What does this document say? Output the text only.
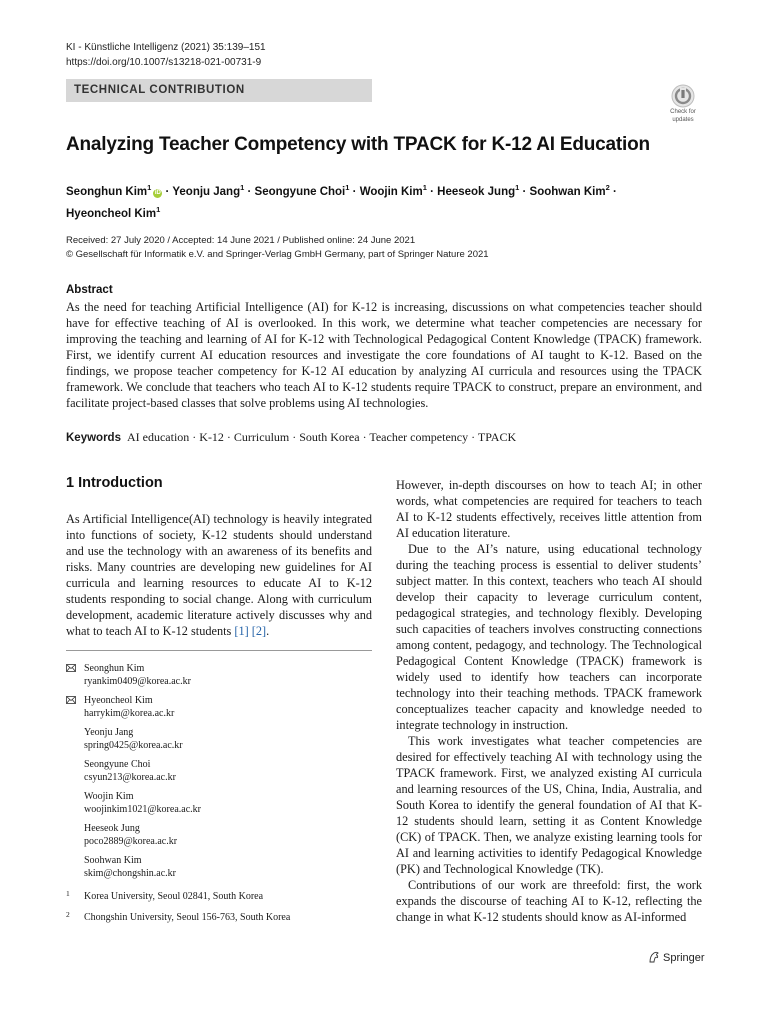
KI - Künstliche Intelligenz (2021) 35:139–151
https://doi.org/10.1007/s13218-021-00731-9
TECHNICAL CONTRIBUTION
Check for
updates
Analyzing Teacher Competency with TPACK for K-12 AI Education
Seonghun Kim$^1$iD · Yeonju Jang$^1$ · Seongyune Choi$^1$ · Woojin Kim$^1$ · Heeseok Jung$^1$ · Soohwan Kim$^2$ ·
Hyeoncheol Kim$^1$
Received: 27 July 2020 / Accepted: 14 June 2021 / Published online: 24 June 2021
© Gesellschaft für Informatik e.V. and Springer-Verlag GmbH Germany, part of Springer Nature 2021
Abstract
As the need for teaching Artificial Intelligence (AI) for K-12 is increasing, discussions on what competencies teacher should have for effective teaching of AI is overlooked. In this work, we determine what teacher competencies are necessary for improving the teaching and learning of AI for K-12 with Technological Pedagogical Content Knowledge (TPACK) framework. First, we identify current AI education resources and investigate the core foundations of AI taught to K-12. Based on the findings, we propose teacher competency for K-12 AI education by analyzing AI curricula and resources using the TPACK framework. We conclude that teachers who teach AI to K-12 students require TPACK to construct, prepare an environment, and facilitate project-based classes that solve problems using AI technologies.
Keywords AI education · K-12 · Curriculum · South Korea · Teacher competency · TPACK
1 Introduction

As Artificial Intelligence(AI) technology is heavily integrated into functions of society, K-12 students should understand and use the technology with an awareness of its benefits and risks. Many countries are developing new guidelines for AI curricula and learning resources to educate AI to K-12 students responding to social change. Along with curriculum development, academic literature actively discusses why and what to teach AI to K-12 students [1] [2].

Seonghun Kim
ryankim0409@korea.ac.kr
Hyeoncheol Kim
harrykim@korea.ac.kr
Yeonju Jang
spring0425@korea.ac.kr
Seongyune Choi
csyun213@korea.ac.kr
Woojin Kim
woojinkim1021@korea.ac.kr
Heeseok Jung
poco2889@korea.ac.kr
Soohwan Kim
skim@chongshin.ac.kr
1 Korea University, Seoul 02841, South Korea
2 Chongshin University, Seoul 156-763, South Korea

However, in-depth discourses on how to teach AI; in other words, what competencies are required for teachers to teach AI to K-12 students effectively, receives little attention from AI education literature.

Due to the AI’s nature, using educational technology during the teaching process is essential to deliver students’ subject matter. In this context, teachers who teach AI should develop their capacity to leverage curriculum content, pedagogical strategies, and technology flexibly. Developing such capacities of teachers involves constructing connections among content, pedagogy, and technology. The Technological Pedagogical Content Knowledge (TPACK) framework is widely used to identify how teachers can incorporate technology into their teaching methods. TPACK framework conceptualizes teacher capacity and knowledge needed to integrate technology in instruction.

This work investigates what teacher competencies are desired for effectively teaching AI with technology using the TPACK framework. First, we analyzed existing AI curricula and learning resources of the US, China, India, Australia, and South Korea to identify the general foundation of AI that K-12 students should learn, setting it as Content Knowledge (CK) of TPACK. Then, we analyze existing learning tools for AI and learning activities to identify Pedagogical Knowledge (PK) and Technological Knowledge (TK).

Contributions of our work are threefold: first, the work expands the discourse of teaching AI to K-12, reflecting the change in what K-12 students should know as AI-informed

Springer
